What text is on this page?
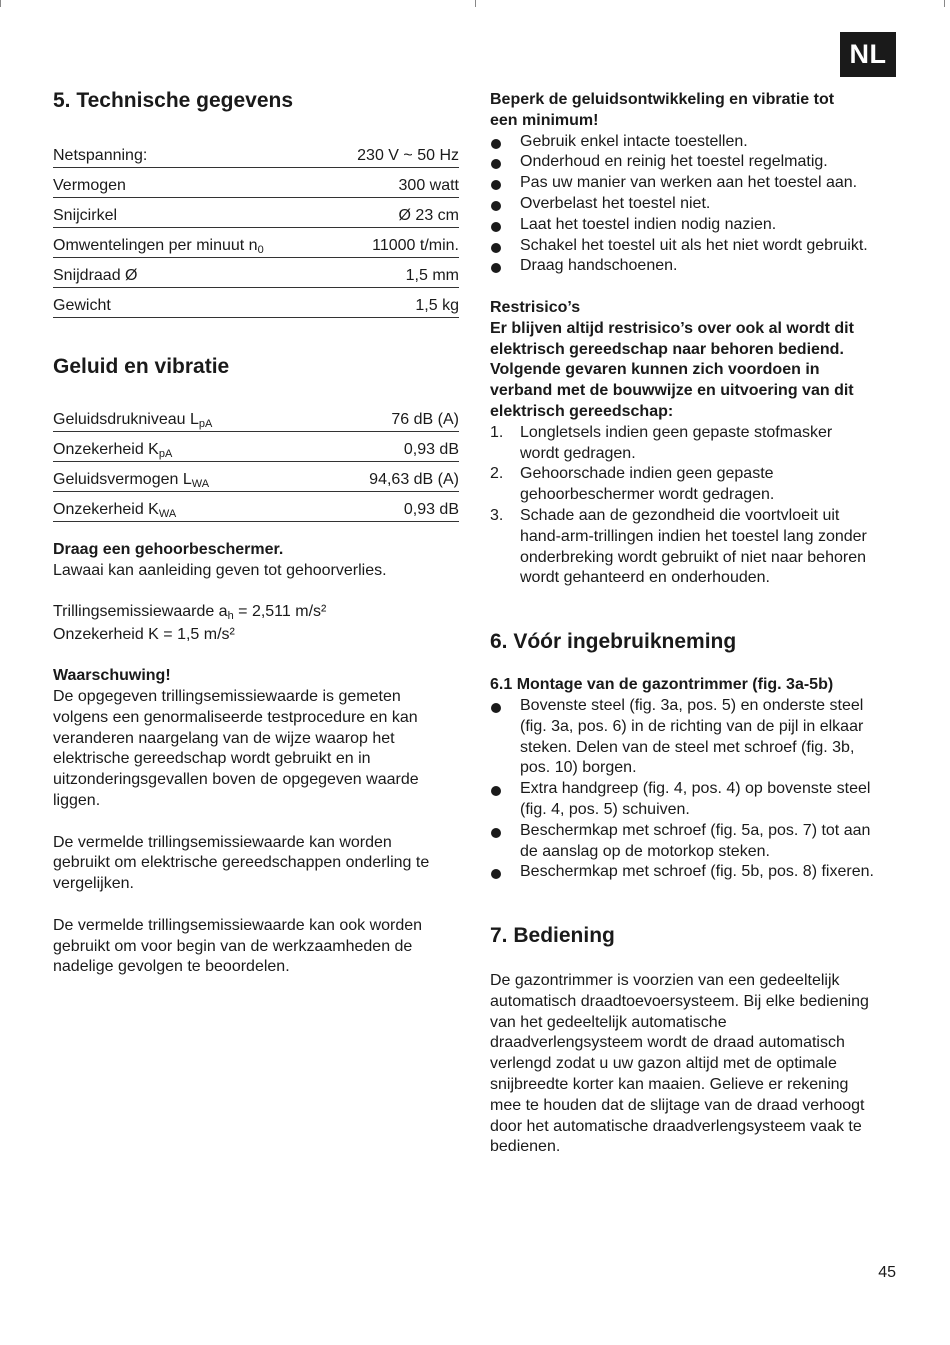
NL
5. Technische gegevens
Netspanning:	230 V ~ 50 Hz
Vermogen	300 watt
Snijcirkel	Ø 23 cm
Omwentelingen per minuut $n_0$	11000 t/min.
Snijdraad Ø	1,5 mm
Gewicht	1,5 kg
Geluid en vibratie
Geluidsdrukniveau $L_{pA}$	76 dB (A)
Onzekerheid $K_{pA}$	0,93 dB
Geluidsvermogen $L_{WA}$	94,63 dB (A)
Onzekerheid $K_{WA}$	0,93 dB

Draag een gehoorbeschermer.

Lawaai kan aanleiding geven tot gehoorverlies.

Trillingsemissiewaarde $a_h = 2,511$ m/s²

Onzekerheid K = 1,5 m/s²

Waarschuwing!

De opgegeven trillingsemissiewaarde is gemeten

volgens een genormaliseerde testprocedure en kan

veranderen naargelang van de wijze waarop het

elektrische gereedschap wordt gebruikt en in

uitzonderingsgevallen boven de opgegeven waarde

liggen.

De vermelde trillingsemissiewaarde kan worden

gebruikt om elektrische gereedschappen onderling te

vergelijken.

De vermelde trillingsemissiewaarde kan ook worden

gebruikt om voor begin van de werkzaamheden de

nadelige gevolgen te beoordelen.

Beperk de geluidsontwikkeling en vibratie tot

een minimum!

Gebruik enkel intacte toestellen.
Onderhoud en reinig het toestel regelmatig.
Pas uw manier van werken aan het toestel aan.
Overbelast het toestel niet.
Laat het toestel indien nodig nazien.
Schakel het toestel uit als het niet wordt gebruikt.
Draag handschoenen.

Restrisico’s

Er blijven altijd restrisico’s over ook al wordt dit

elektrisch gereedschap naar behoren bediend.

Volgende gevaren kunnen zich voordoen in

verband met de bouwwijze en uitvoering van dit

elektrisch gereedschap:

1. Longletsels indien geen gepaste stofmasker
wordt gedragen.
2. Gehoorschade indien geen gepaste
gehoorbeschermer wordt gedragen.
3. Schade aan de gezondheid die voortvloeit uit
hand-arm-trillingen indien het toestel lang zonder
onderbreking wordt gebruikt of niet naar behoren
wordt gehanteerd en onderhouden.
6. Vóór ingebruikneming

6.1 Montage van de gazontrimmer (fig. 3a-5b)

Bovenste steel (fig. 3a, pos. 5) en onderste steel
(fig. 3a, pos. 6) in de richting van de pijl in elkaar
steken. Delen van de steel met schroef (fig. 3b,
pos. 10) borgen.
Extra handgreep (fig. 4, pos. 4) op bovenste steel
(fig. 4, pos. 5) schuiven.
Beschermkap met schroef (fig. 5a, pos. 7) tot aan
de aanslag op de motorkop steken.
Beschermkap met schroef (fig. 5b, pos. 8) fixeren.
7. Bediening

De gazontrimmer is voorzien van een gedeeltelijk

automatisch draadtoevoersysteem. Bij elke bediening

van het gedeeltelijk automatische

draadverlengsysteem wordt de draad automatisch

verlengd zodat u uw gazon altijd met de optimale

snijbreedte korter kan maaien. Gelieve er rekening

mee te houden dat de slijtage van de draad verhoogt

door het automatische draadverlengsysteem vaak te

bedienen.

45
